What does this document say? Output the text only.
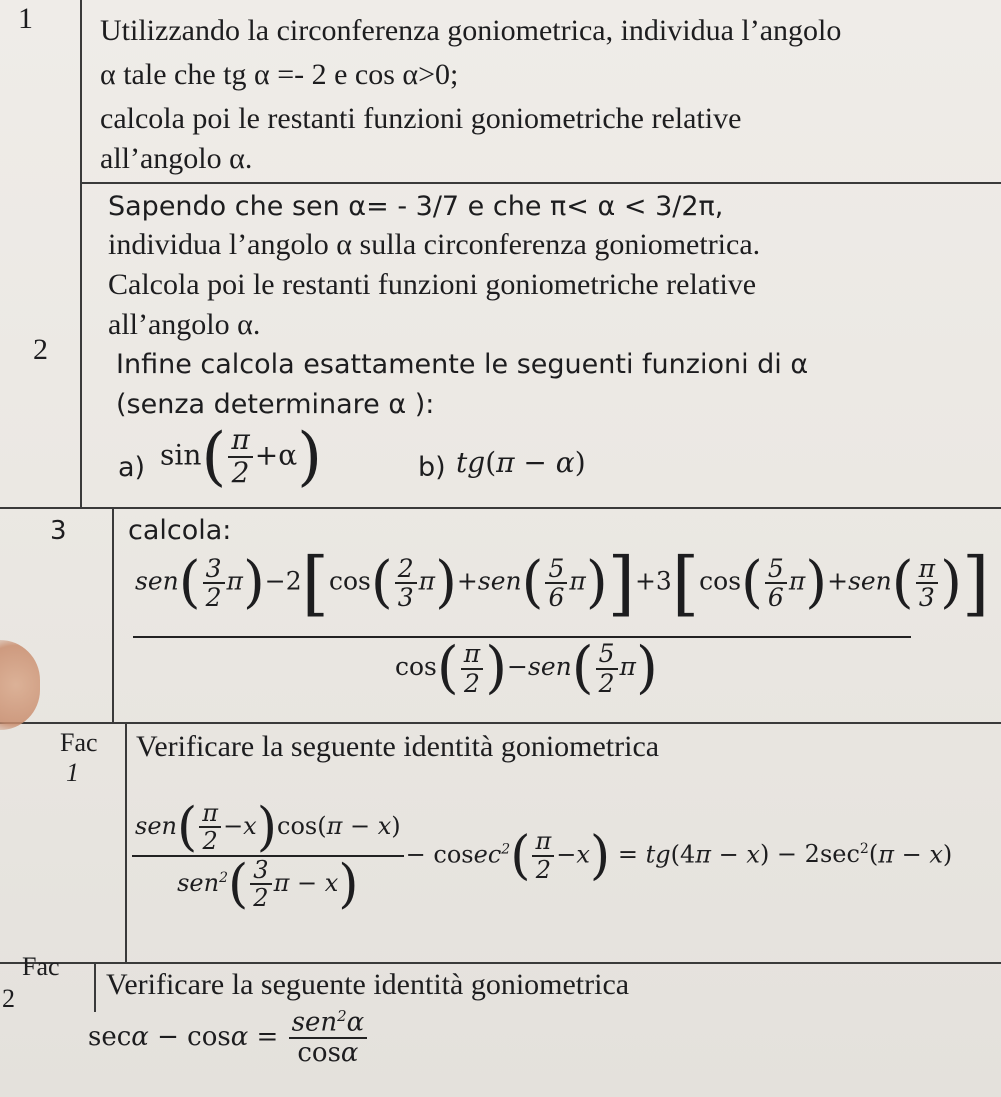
1 Utilizzando la circonferenza goniometrica, individua l’angolo
α tale che tg α =- 2 e cos α>0;
calcola poi le restanti funzioni goniometriche relative
all’angolo α.
2
Sapendo che sen α= - 3/7 e che π< α < 3/2π,
individua l’angolo α sulla circonferenza goniometrica.
Calcola poi le restanti funzioni goniometriche relative
all’angolo α.
Infine calcola esattamente le seguenti funzioni di α
(senza determinare α ):
a) $\sin( \frac{\pi}{2} +\alpha)$	b) tg(π − α)
3 calcola:
$sen( \frac{3}{2} \pi)-2[\cos( \frac{2}{3} \pi)+sen( \frac{5}{6} \pi)]+3[\cos( \frac{5}{6} \pi)+sen( \frac{\pi}{3}$ )]
$\cos( \frac{\pi}{2} )-sen( \frac{5}{2} \pi)$
Fac
1
Verificare la seguente identità goniometrica
$\frac{sen( \frac{\pi}{2} -x)\cos(\pi - x)}{sen^2( \frac{3}{2} \pi - x)} - cosec^2( \frac{\pi}{2} -x) = tg(4\pi - x) - 2\sec^2(\pi - x)$
Fac
2	Verificare la seguente identità goniometrica
$\sec\alpha - \cos\alpha = \frac{sen^2\alpha}{\cos\alpha}$
